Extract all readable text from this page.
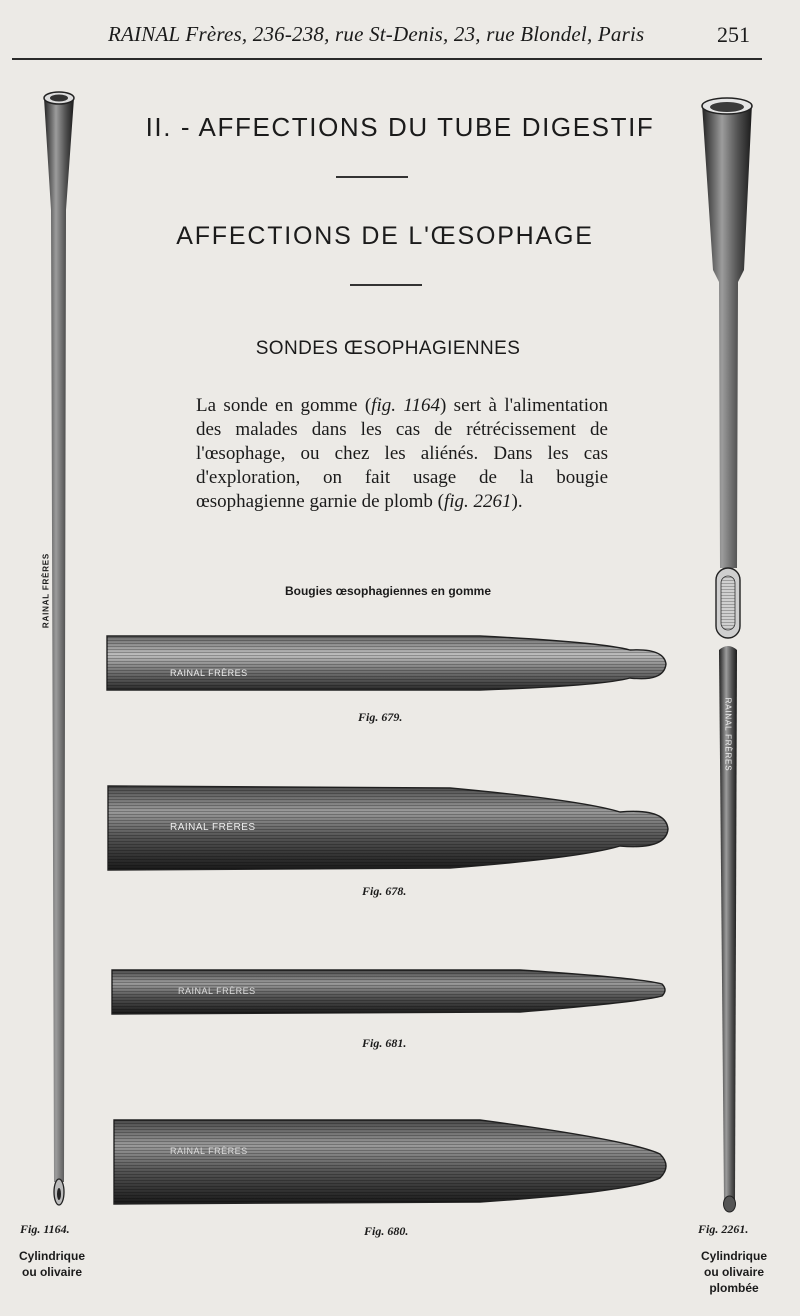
RAINAL Frères, 236-238, rue St-Denis, 23, rue Blondel, Paris	251
II. - AFFECTIONS DU TUBE DIGESTIF
AFFECTIONS DE L'ŒSOPHAGE
SONDES ŒSOPHAGIENNES
La sonde en gomme (fig. 1164) sert à l'alimentation des malades dans les cas de rétrécissement de l'œsophage, ou chez les aliénés. Dans les cas d'exploration, on fait usage de la bougie œsophagienne garnie de plomb (fig. 2261).
Bougies œsophagiennes en gomme
RAINAL FRÈRES
RAINAL FRÈRES
RAINAL FRÈRES
RAINAL FRÈRES
RAINAL FRÈRES
RAINAL FRÈRES
Fig. 679.
Fig. 678.
Fig. 681.
Fig. 680.
Fig. 1164.	Fig. 2261.
Cylindrique
ou olivaire
Cylindrique
ou olivaire
plombée
